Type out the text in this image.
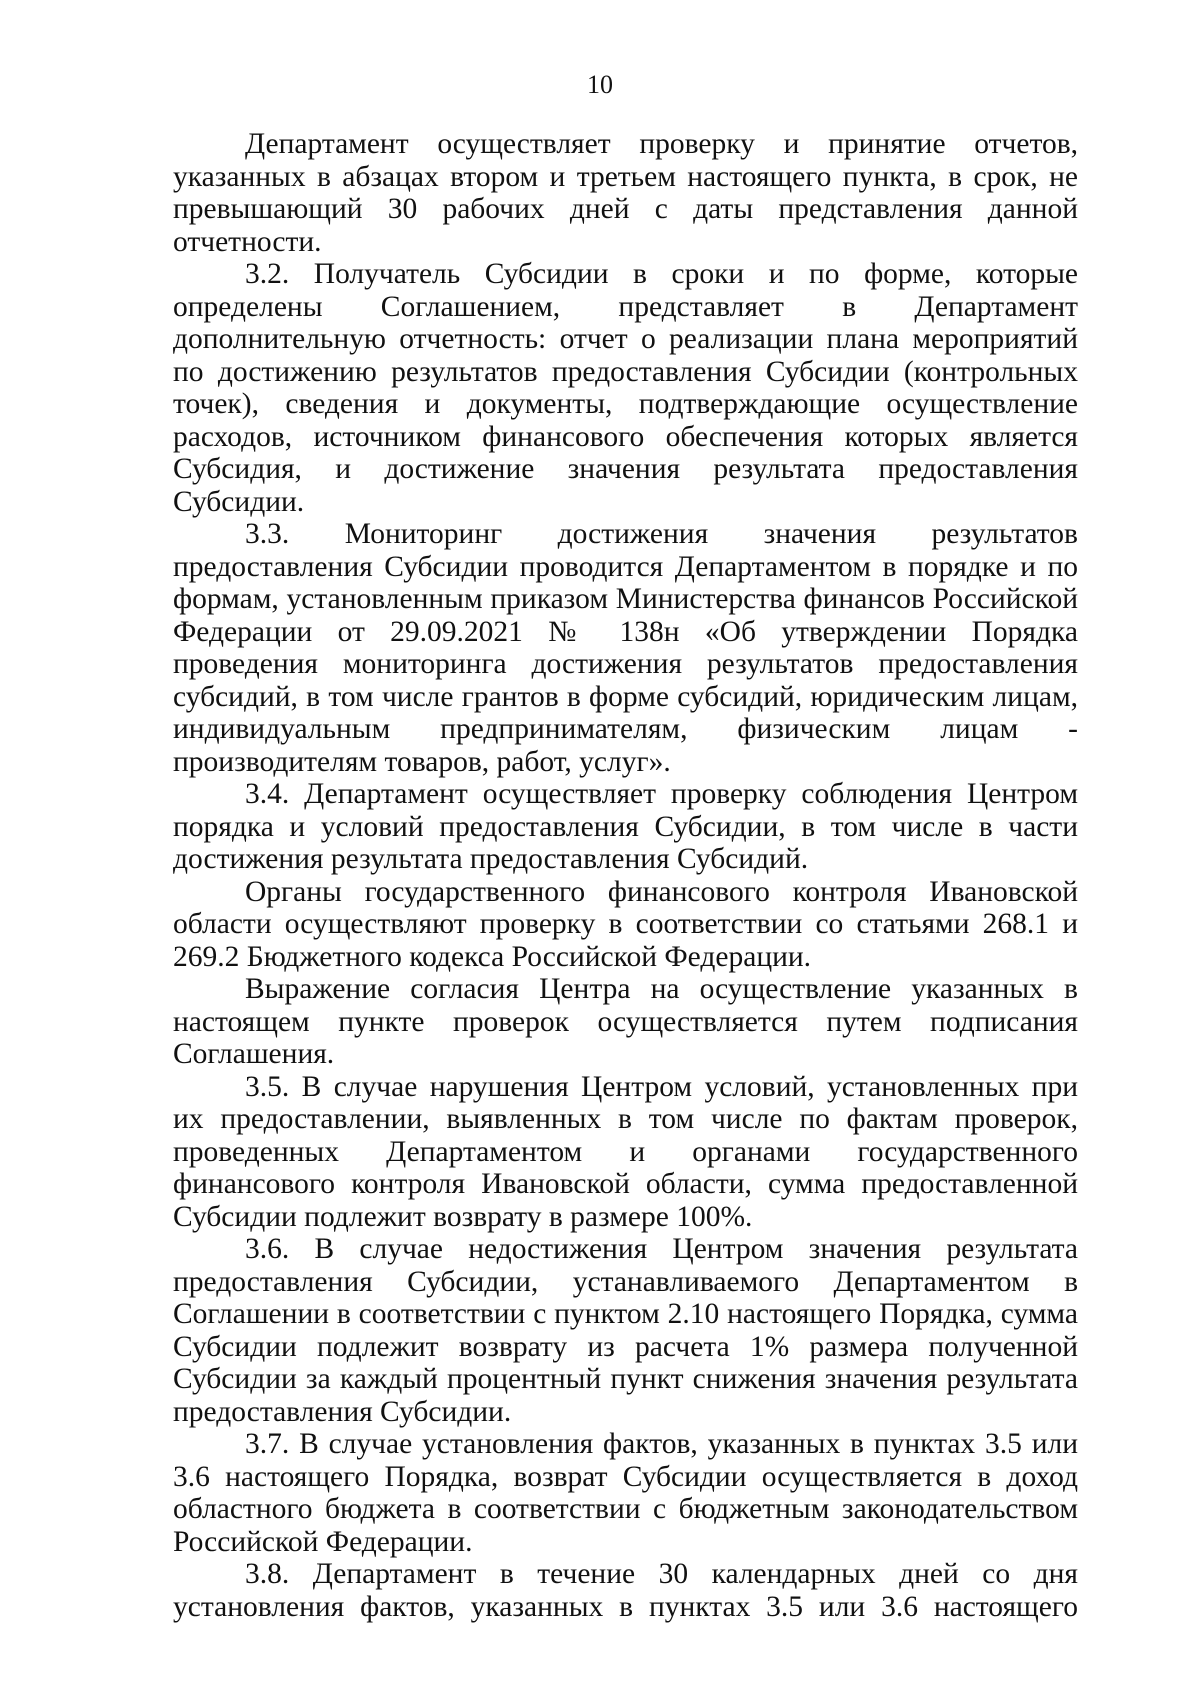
10

Департамент осуществляет проверку и принятие отчетов, указанных в абзацах втором и третьем настоящего пункта, в срок, не превышающий 30 рабочих дней с даты представления данной отчетности.

3.2. Получатель Субсидии в сроки и по форме, которые определены Соглашением, представляет в Департамент дополнительную отчетность: отчет о реализации плана мероприятий по достижению результатов предоставления Субсидии (контрольных точек), сведения и документы, подтверждающие осуществление расходов, источником финансового обеспечения которых является Субсидия, и достижение значения результата предоставления Субсидии.

3.3. Мониторинг достижения значения результатов предоставления Субсидии проводится Департаментом в порядке и по формам, установленным приказом Министерства финансов Российской Федерации от 29.09.2021 № 138н «Об утверждении Порядка проведения мониторинга достижения результатов предоставления субсидий, в том числе грантов в форме субсидий, юридическим лицам, индивидуальным предпринимателям, физическим лицам - производителям товаров, работ, услуг».

3.4. Департамент осуществляет проверку соблюдения Центром порядка и условий предоставления Субсидии, в том числе в части достижения результата предоставления Субсидий.

Органы государственного финансового контроля Ивановской области осуществляют проверку в соответствии со статьями 268.1 и 269.2 Бюджетного кодекса Российской Федерации.

Выражение согласия Центра на осуществление указанных в настоящем пункте проверок осуществляется путем подписания Соглашения.

3.5. В случае нарушения Центром условий, установленных при их предоставлении, выявленных в том числе по фактам проверок, проведенных Департаментом и органами государственного финансового контроля Ивановской области, сумма предоставленной Субсидии подлежит возврату в размере 100%.

3.6. В случае недостижения Центром значения результата предоставления Субсидии, устанавливаемого Департаментом в Соглашении в соответствии с пунктом 2.10 настоящего Порядка, сумма Субсидии подлежит возврату из расчета 1% размера полученной Субсидии за каждый процентный пункт снижения значения результата предоставления Субсидии.

3.7. В случае установления фактов, указанных в пунктах 3.5 или 3.6 настоящего Порядка, возврат Субсидии осуществляется в доход областного бюджета в соответствии с бюджетным законодательством Российской Федерации.

3.8. Департамент в течение 30 календарных дней со дня установления фактов, указанных в пунктах 3.5 или 3.6 настоящего
